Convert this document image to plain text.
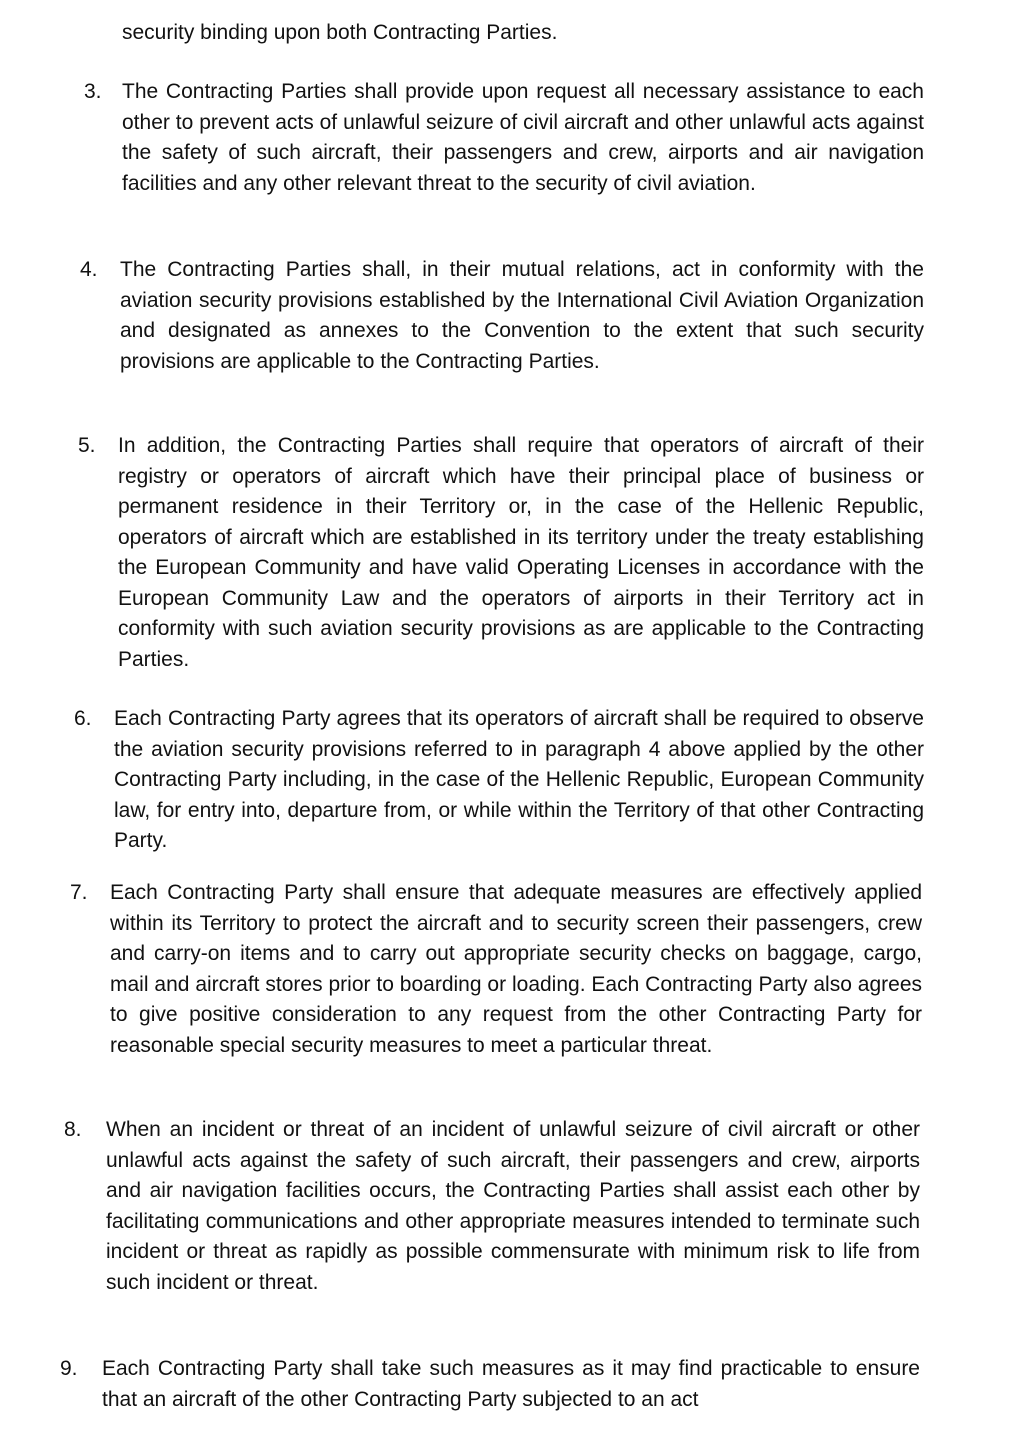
security binding upon both Contracting Parties.
3. The Contracting Parties shall provide upon request all necessary assistance to each other to prevent acts of unlawful seizure of civil aircraft and other unlawful acts against the safety of such aircraft, their passengers and crew, airports and air navigation facilities and any other relevant threat to the security of civil aviation.
4.	The Contracting Parties shall, in their mutual relations, act in conformity with the aviation security provisions established by the International Civil Aviation Organization and designated as annexes to the Convention to the extent that such security provisions are applicable to the Contracting Parties.
5.	In addition, the Contracting Parties shall require that operators of aircraft of their registry or operators of aircraft which have their principal place of business or permanent residence in their Territory or, in the case of the Hellenic Republic, operators of aircraft which are established in its territory under the treaty establishing the European Community and have valid Operating Licenses in accordance with the European Community Law and the operators of airports in their Territory act in conformity with such aviation security provisions as are applicable to the Contracting Parties.
6.	Each Contracting Party agrees that its operators of aircraft shall be required to observe the aviation security provisions referred to in paragraph 4 above applied by the other Contracting Party including, in the case of the Hellenic Republic, European Community law, for entry into, departure from, or while within the Territory of that other Contracting Party.
7.	Each Contracting Party shall ensure that adequate measures are effectively applied within its Territory to protect the aircraft and to security screen their passengers, crew and carry-on items and to carry out appropriate security checks on baggage, cargo, mail and aircraft stores prior to boarding or loading. Each Contracting Party also agrees to give positive consideration to any request from the other Contracting Party for reasonable special security measures to meet a particular threat.
8.	When an incident or threat of an incident of unlawful seizure of civil aircraft or other unlawful acts against the safety of such aircraft, their passengers and crew, airports and air navigation facilities occurs, the Contracting Parties shall assist each other by facilitating communications and other appropriate measures intended to terminate such incident or threat as rapidly as possible commensurate with minimum risk to life from such incident or threat.
9.	Each Contracting Party shall take such measures as it may find practicable to ensure that an aircraft of the other Contracting Party subjected to an act
